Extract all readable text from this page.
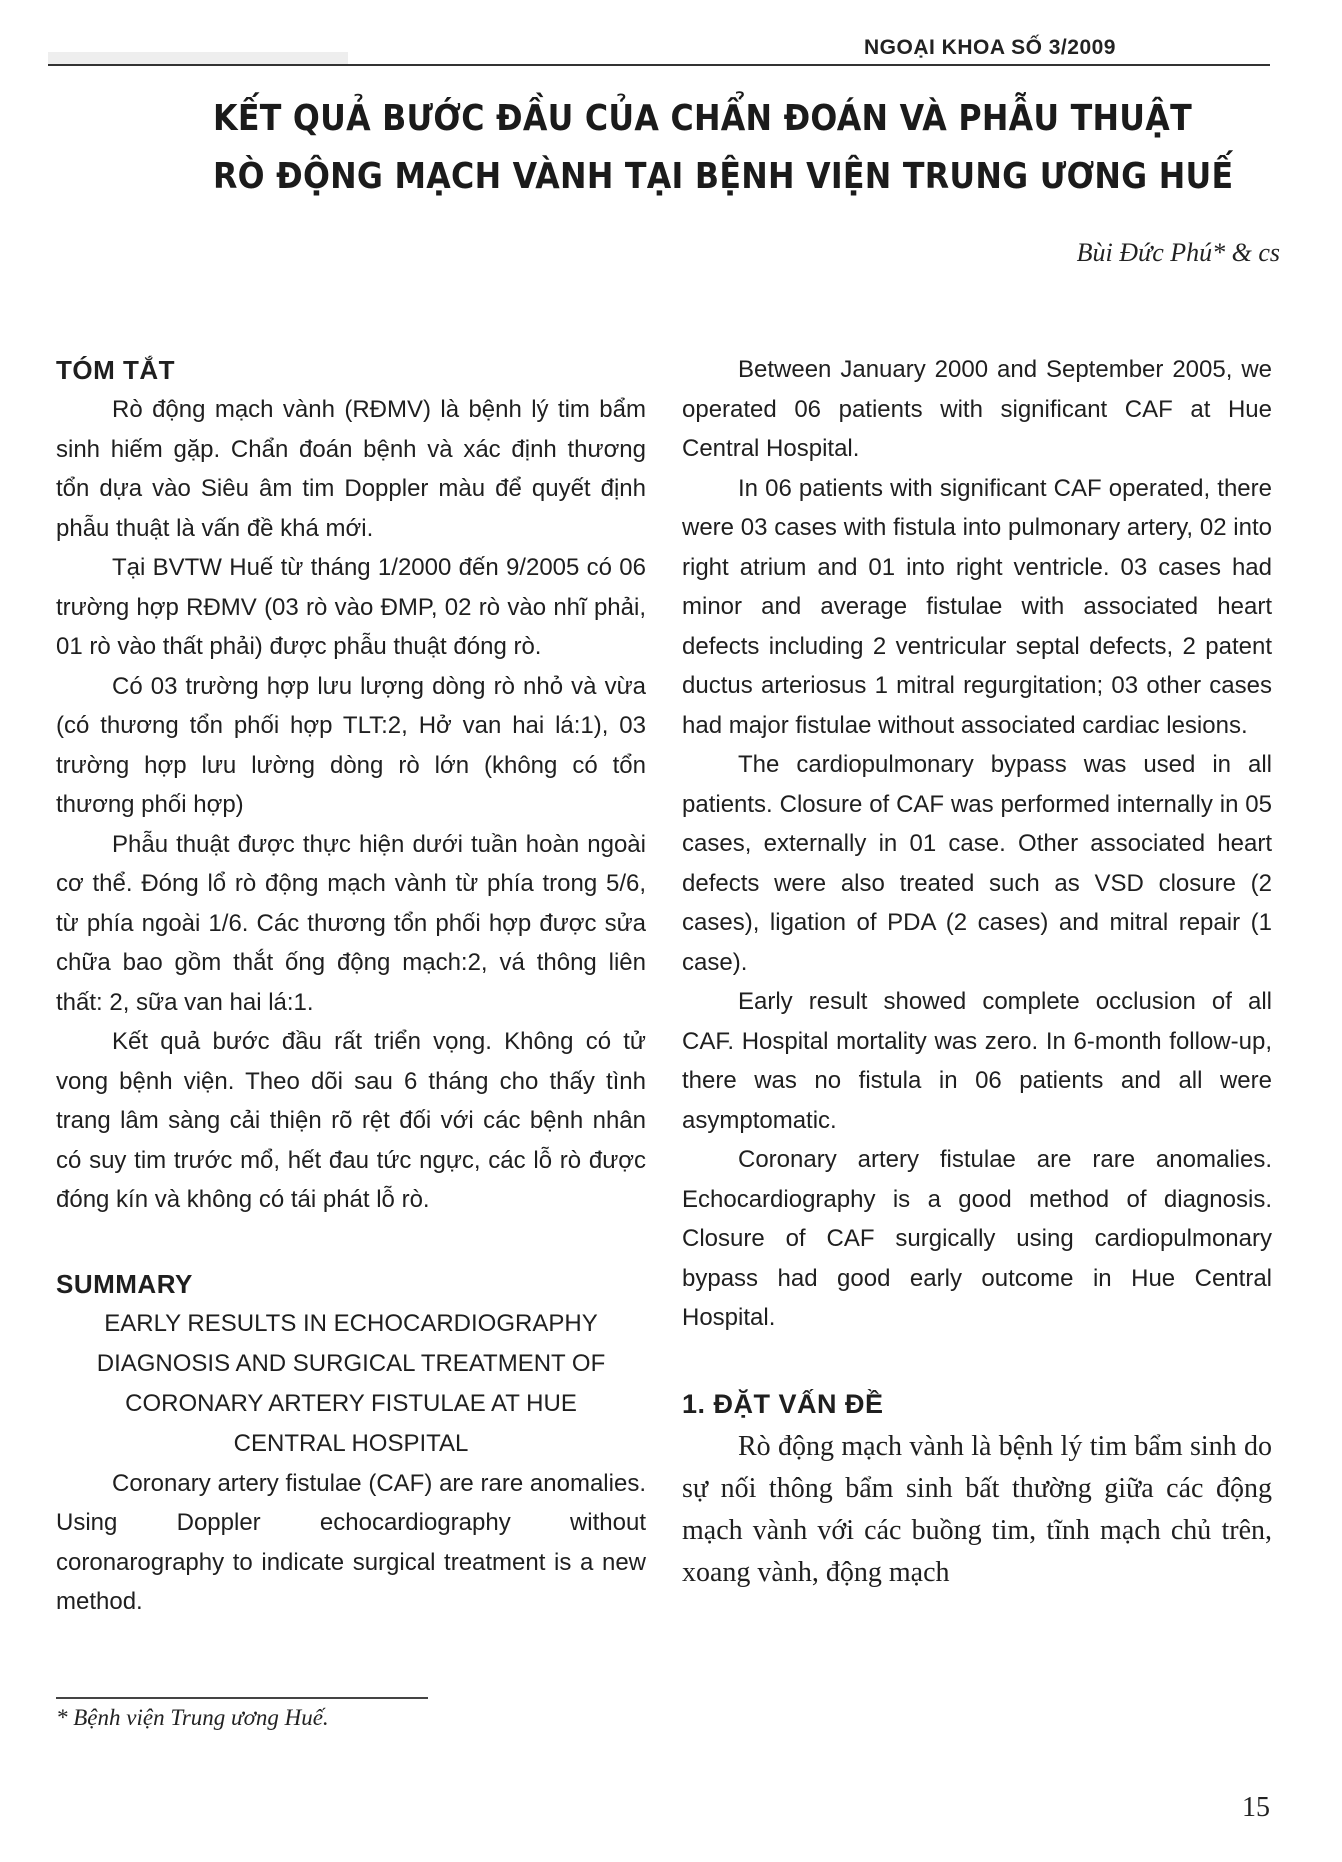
NGOẠI KHOA SỐ 3/2009
KẾT QUẢ BƯỚC ĐẦU CỦA CHẨN ĐOÁN VÀ PHẪU THUẬT
RÒ ĐỘNG MẠCH VÀNH TẠI BỆNH VIỆN TRUNG ƯƠNG HUẾ
Bùi Đức Phú* & cs

TÓM TẮT

Rò động mạch vành (RĐMV) là bệnh lý tim bẩm sinh hiếm gặp. Chẩn đoán bệnh và xác định thương tổn dựa vào Siêu âm tim Doppler màu để quyết định phẫu thuật là vấn đề khá mới.

Tại BVTW Huế từ tháng 1/2000 đến 9/2005 có 06 trường hợp RĐMV (03 rò vào ĐMP, 02 rò vào nhĩ phải, 01 rò vào thất phải) được phẫu thuật đóng rò.

Có 03 trường hợp lưu lượng dòng rò nhỏ và vừa (có thương tổn phối hợp TLT:2, Hở van hai lá:1), 03 trường hợp lưu lường dòng rò lớn (không có tổn thương phối hợp)

Phẫu thuật được thực hiện dưới tuần hoàn ngoài cơ thể. Đóng lổ rò động mạch vành từ phía trong 5/6, từ phía ngoài 1/6. Các thương tổn phối hợp được sửa chữa bao gồm thắt ống động mạch:2, vá thông liên thất: 2, sữa van hai lá:1.

Kết quả bước đầu rất triển vọng. Không có tử vong bệnh viện. Theo dõi sau 6 tháng cho thấy tình trang lâm sàng cải thiện rõ rệt đối với các bệnh nhân có suy tim trước mổ, hết đau tức ngực, các lỗ rò được đóng kín và không có tái phát lỗ rò.

SUMMARY

EARLY RESULTS IN ECHOCARDIOGRAPHY DIAGNOSIS AND SURGICAL TREATMENT OF CORONARY ARTERY FISTULAE AT HUE CENTRAL HOSPITAL

Coronary artery fistulae (CAF) are rare anomalies. Using Doppler echocardiography without coronarography to indicate surgical treatment is a new method.

Between January 2000 and September 2005, we operated 06 patients with significant CAF at Hue Central Hospital.

In 06 patients with significant CAF operated, there were 03 cases with fistula into pulmonary artery, 02 into right atrium and 01 into right ventricle. 03 cases had minor and average fistulae with associated heart defects including 2 ventricular septal defects, 2 patent ductus arteriosus 1 mitral regurgitation; 03 other cases had major fistulae without associated cardiac lesions.

The cardiopulmonary bypass was used in all patients. Closure of CAF was performed internally in 05 cases, externally in 01 case. Other associated heart defects were also treated such as VSD closure (2 cases), ligation of PDA (2 cases) and mitral repair (1 case).

Early result showed complete occlusion of all CAF. Hospital mortality was zero. In 6-month follow-up, there was no fistula in 06 patients and all were asymptomatic.

Coronary artery fistulae are rare anomalies. Echocardiography is a good method of diagnosis. Closure of CAF surgically using cardiopulmonary bypass had good early outcome in Hue Central Hospital.

1. ĐẶT VẤN ĐỀ

Rò động mạch vành là bệnh lý tim bẩm sinh do sự nối thông bẩm sinh bất thường giữa các động mạch vành với các buồng tim, tĩnh mạch chủ trên, xoang vành, động mạch

* Bệnh viện Trung ương Huế.
15
